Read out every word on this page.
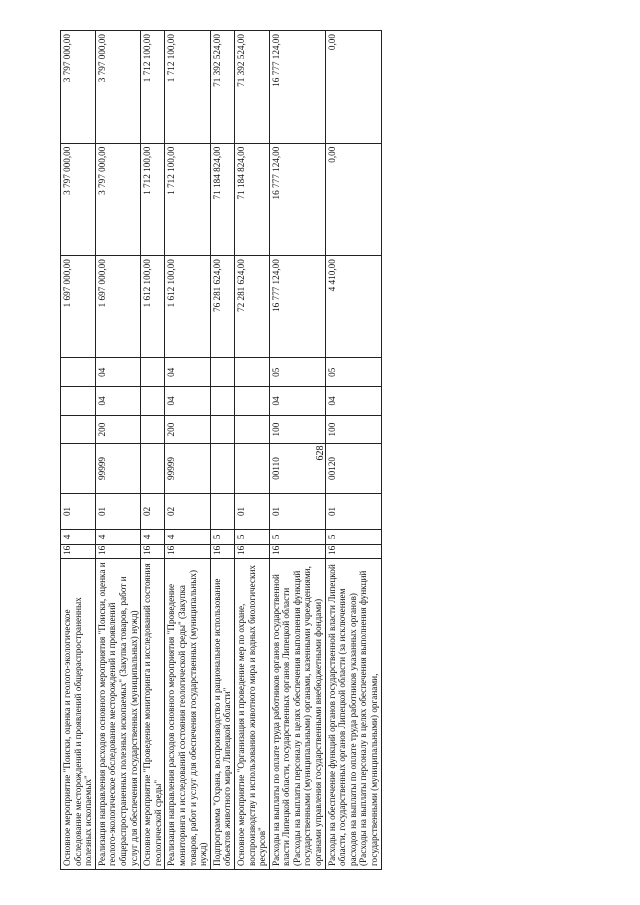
628
Основное мероприятие "Поиски, оценка и геолого-экологическое обследование месторождений и проявлений общераспространенных полезных ископаемых"	16	4	01					1 697 000,00	3 797 000,00	3 797 000,00
Реализация направления расходов основного мероприятия "Поиски, оценка и геолого-экологическое обследование месторождений и проявлений общераспространенных полезных ископаемых" (Закупка товаров, работ и услуг для обеспечения государственных (муниципальных) нужд)	16	4	01	99999	200	04	04	1 697 000,00	3 797 000,00	3 797 000,00
Основное мероприятие "Проведение мониторинга и исследований состояния геологической среды"	16	4	02					1 612 100,00	1 712 100,00	1 712 100,00
Реализация направления расходов основного мероприятия "Проведение мониторинга и исследований состояния геологической среды" (Закупка товаров, работ и услуг для обеспечения государственных (муниципальных) нужд)	16	4	02	99999	200	04	04	1 612 100,00	1 712 100,00	1 712 100,00
Подпрограмма "Охрана, воспроизводство и рациональное использование объектов животного мира Липецкой области"	16	5						76 281 624,00	71 184 824,00	71 392 524,00
Основное мероприятие "Организация и проведение мер по охране, воспроизводству и использованию животного мира и водных биологических ресурсов"	16	5	01					72 281 624,00	71 184 824,00	71 392 524,00
Расходы на выплаты по оплате труда работников органов государственной власти Липецкой области, государственных органов Липецкой области (Расходы на выплаты персоналу в целях обеспечения выполнения функций государственными (муниципальными) органами, казенными учреждениями, органами управления государственными внебюджетными фондами)	16	5	01	00110	100	04	05	16 777 124,00	16 777 124,00	16 777 124,00
Расходы на обеспечение функций органов государственной власти Липецкой области, государственных органов Липецкой области (за исключением расходов на выплаты по оплате труда работников указанных органов) (Расходы на выплаты персоналу в целях обеспечения выполнения функций государственными (муниципальными) органами,	16	5	01	00120	100	04	05	4 410,00	0,00	0,00
